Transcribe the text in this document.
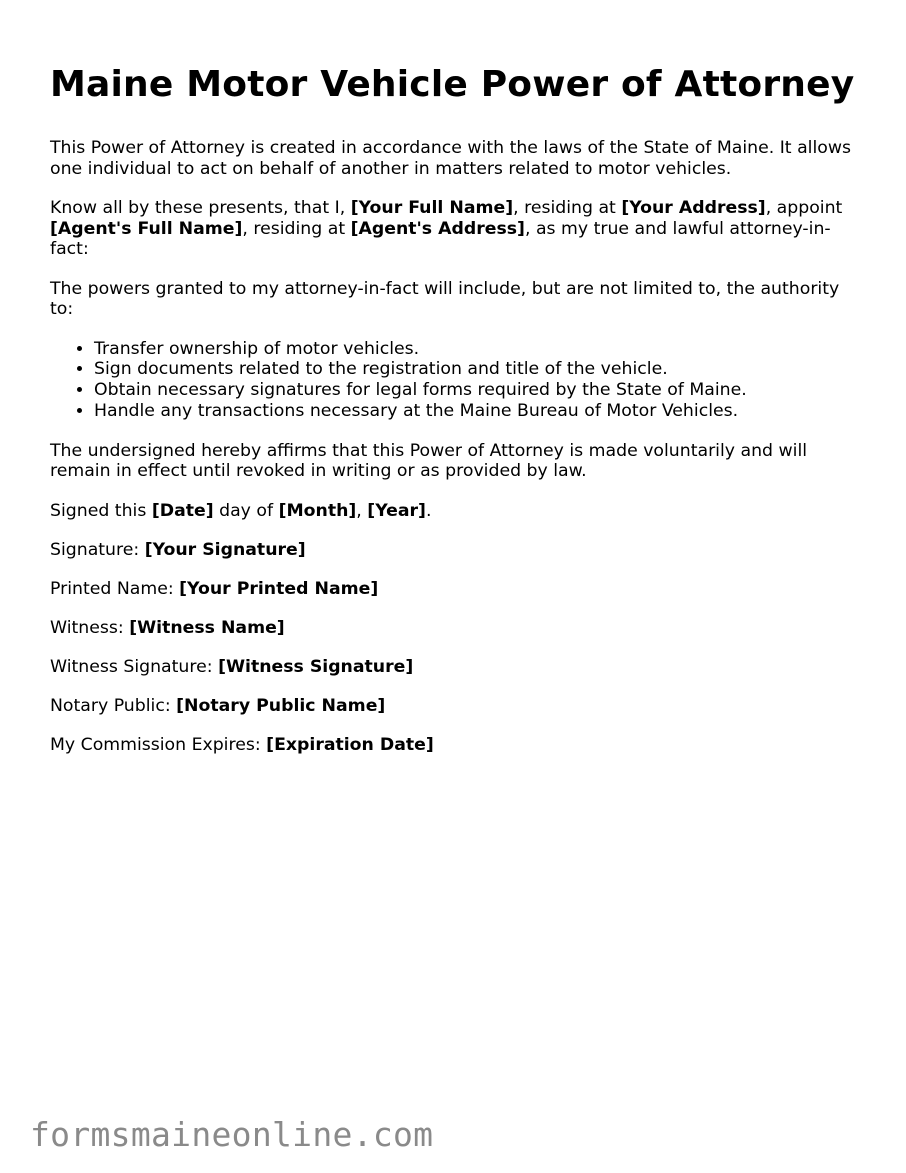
Maine Motor Vehicle Power of Attorney

This Power of Attorney is created in accordance with the laws of the State of Maine. It allows one individual to act on behalf of another in matters related to motor vehicles.

Know all by these presents, that I, [Your Full Name], residing at [Your Address], appoint [Agent's Full Name], residing at [Agent's Address], as my true and lawful attorney-in-fact:

The powers granted to my attorney-in-fact will include, but are not limited to, the authority to:

• Transfer ownership of motor vehicles.
• Sign documents related to the registration and title of the vehicle.
• Obtain necessary signatures for legal forms required by the State of Maine.
• Handle any transactions necessary at the Maine Bureau of Motor Vehicles.

The undersigned hereby affirms that this Power of Attorney is made voluntarily and will remain in effect until revoked in writing or as provided by law.

Signed this [Date] day of [Month], [Year].

Signature: [Your Signature]

Printed Name: [Your Printed Name]

Witness: [Witness Name]

Witness Signature: [Witness Signature]

Notary Public: [Notary Public Name]

My Commission Expires: [Expiration Date]

formsmaineonline.com
